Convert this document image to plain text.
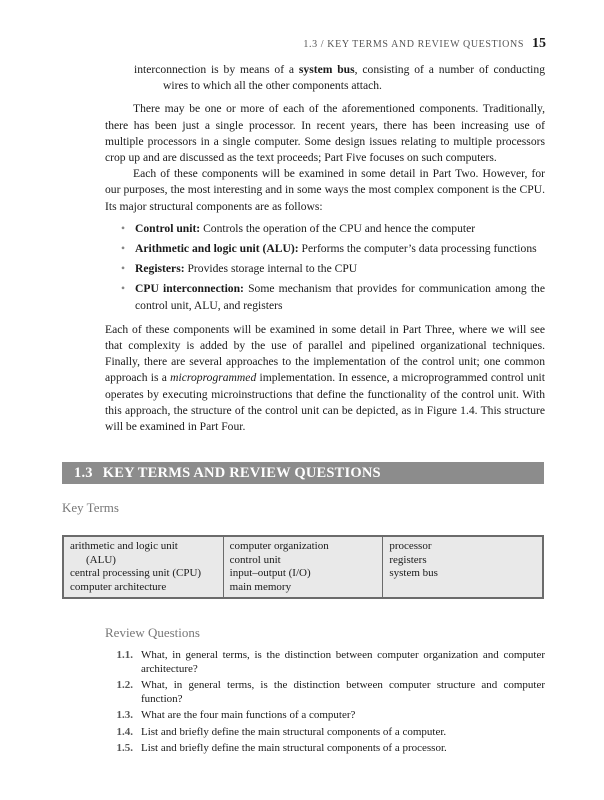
1.3 / KEY TERMS AND REVIEW QUESTIONS 15

interconnection is by means of a system bus, consisting of a number of conducting wires to which all the other components attach.

There may be one or more of each of the aforementioned components. Traditionally, there has been just a single processor. In recent years, there has been increasing use of multiple processors in a single computer. Some design issues relating to multiple processors crop up and are discussed as the text proceeds; Part Five focuses on such computers.

Each of these components will be examined in some detail in Part Two. However, for our purposes, the most interesting and in some ways the most complex component is the CPU. Its major structural components are as follows:

• Control unit: Controls the operation of the CPU and hence the computer
• Arithmetic and logic unit (ALU): Performs the computer’s data processing functions
• Registers: Provides storage internal to the CPU
• CPU interconnection: Some mechanism that provides for communication among the control unit, ALU, and registers

Each of these components will be examined in some detail in Part Three, where we will see that complexity is added by the use of parallel and pipelined organizational techniques. Finally, there are several approaches to the implementation of the control unit; one common approach is a microprogrammed implementation. In essence, a microprogrammed control unit operates by executing microinstructions that define the functionality of the control unit. With this approach, the structure of the control unit can be depicted, as in Figure 1.4. This structure will be examined in Part Four.

1.3 KEY TERMS AND REVIEW QUESTIONS
Key Terms
arithmetic and logic unit
(ALU)
central processing unit (CPU)
computer architecture
computer organization
control unit
input–output (I/O)
main memory
processor
registers
system bus
Review Questions
1.1. What, in general terms, is the distinction between computer organization and computer architecture?
1.2. What, in general terms, is the distinction between computer structure and computer function?
1.3. What are the four main functions of a computer?
1.4. List and briefly define the main structural components of a computer.
1.5. List and briefly define the main structural components of a processor.
